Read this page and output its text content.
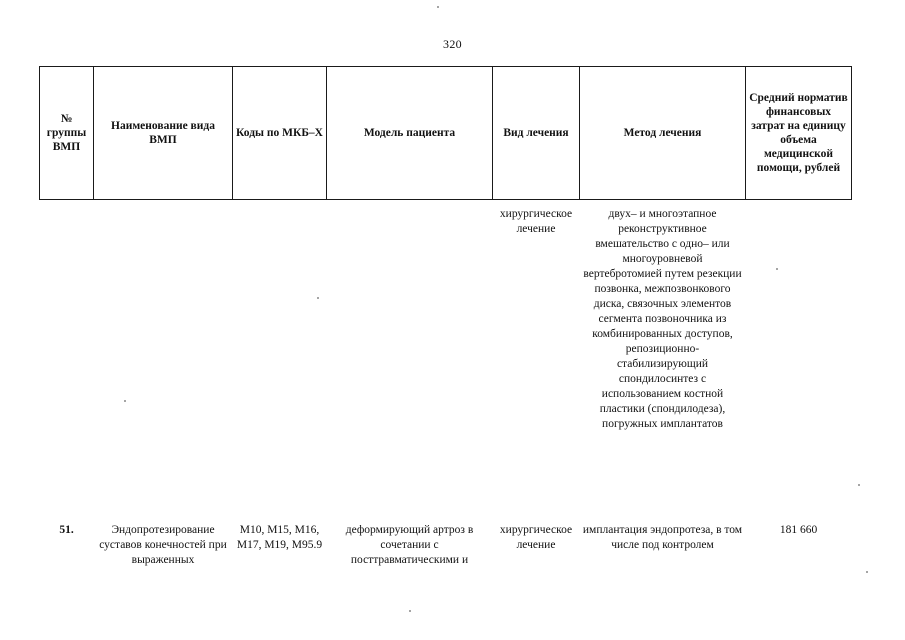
320
№ группы ВМП	Наименование вида ВМП	Коды по МКБ–Х	Модель пациента	Вид лечения	Метод лечения	Средний норматив финансовых затрат на единицу объема медицинской помощи, рублей
				хирургическое лечение	двух– и многоэтапное реконструктивное вмешательство с одно– или многоуровневой вертебротомией путем резекции позвонка, межпозвонкового диска, связочных элементов сегмента позвоночника из комбинированных доступов, репозиционно-стабилизирующий спондилосинтез с использованием костной пластики (спондилодеза), погружных имплантатов	
51.	Эндопротезирование суставов конечностей при выраженных	M10, M15, M16, M17, M19, M95.9	деформирующий артроз в сочетании с посттравматическими и	хирургическое лечение	имплантация эндопротеза, в том числе под контролем	181 660
